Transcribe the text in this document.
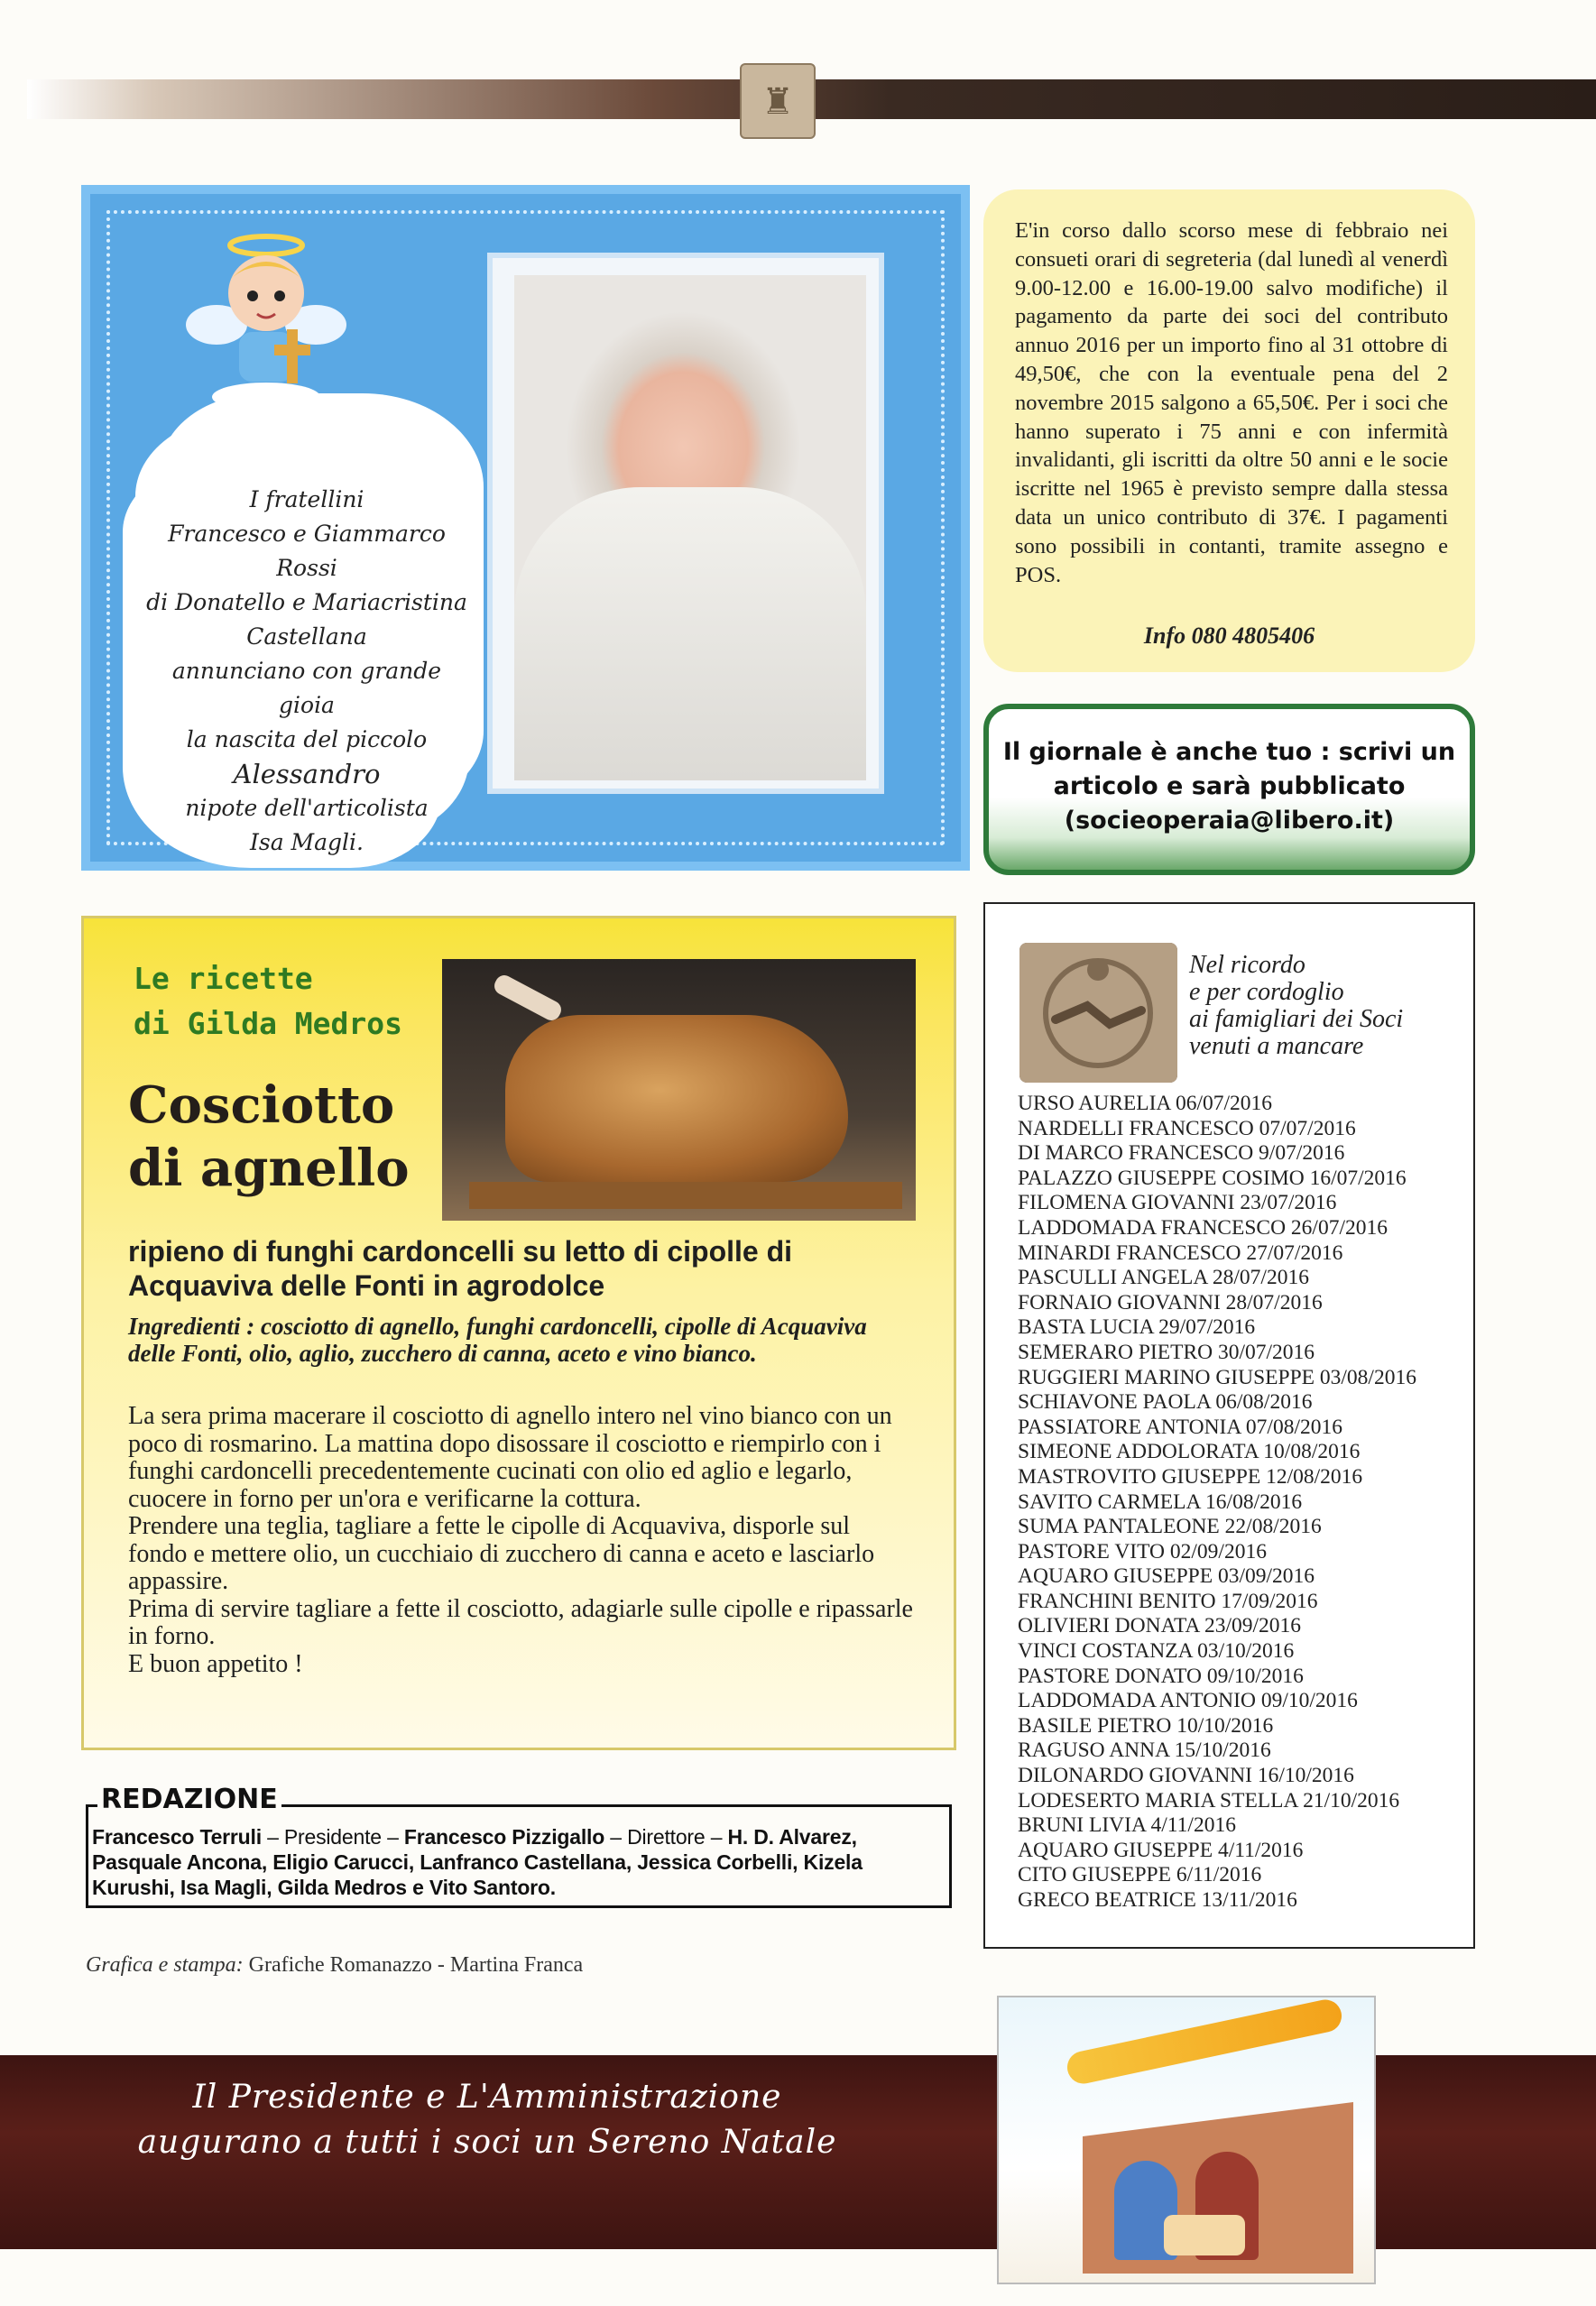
♜
I fratellini
Francesco e Giammarco Rossi
di Donatello e Mariacristina
Castellana
annunciano con grande gioia
la nascita del piccolo
Alessandro
nipote dell'articolista
Isa Magli.
E'in corso dallo scorso mese di febbraio nei consueti orari di segreteria (dal lunedì al venerdì 9.00-12.00 e 16.00-19.00 salvo modifiche) il pagamento da parte dei soci del contributo annuo 2016 per un importo fino al 31 ottobre di 49,50€, che con la eventuale pena del 2 novembre 2015 salgono a 65,50€. Per i soci che hanno superato i 75 anni e con infermità invalidanti, gli iscritti da oltre 50 anni e le socie iscritte nel 1965 è previsto sempre dalla stessa data un unico contributo di 37€. I pagamenti sono possibili in contanti, tramite assegno e POS.
Info 080 4805406
Il giornale è anche tuo : scrivi un
articolo e sarà pubblicato
(socieoperaia@libero.it)
Le ricette
di Gilda Medros
Cosciotto
di agnello
ripieno di funghi cardoncelli su letto di cipolle di Acquaviva delle Fonti in agrodolce
Ingredienti : cosciotto di agnello, funghi cardoncelli, cipolle di Acquaviva delle Fonti, olio, aglio, zucchero di canna, aceto e vino bianco.
La sera prima macerare il cosciotto di agnello intero nel vino bianco con un poco di rosmarino. La mattina dopo disossare il cosciotto e riempirlo con i funghi cardoncelli precedentemente cucinati con olio ed aglio e legarlo, cuocere in forno per un'ora e verificarne la cottura.
Prendere una teglia, tagliare a fette le cipolle di Acquaviva, disporle sul fondo e mettere olio, un cucchiaio di zucchero di canna e aceto e lasciarlo appassire.
Prima di servire tagliare a fette il cosciotto, adagiarle sulle cipolle e ripassarle in forno.
E buon appetito !
REDAZIONE
Francesco Terruli – Presidente – Francesco Pizzigallo – Direttore – H. D. Alvarez, Pasquale Ancona, Eligio Carucci, Lanfranco Castellana, Jessica Corbelli, Kizela Kurushi, Isa Magli, Gilda Medros e Vito Santoro.
Grafica e stampa: Grafiche Romanazzo - Martina Franca
Nel ricordo
e per cordoglio
ai famigliari dei Soci
venuti a mancare
URSO AURELIA 06/07/2016
NARDELLI FRANCESCO 07/07/2016
DI MARCO FRANCESCO 9/07/2016
PALAZZO GIUSEPPE COSIMO 16/07/2016
FILOMENA GIOVANNI 23/07/2016
LADDOMADA FRANCESCO 26/07/2016
MINARDI FRANCESCO 27/07/2016
PASCULLI ANGELA 28/07/2016
FORNAIO GIOVANNI 28/07/2016
BASTA LUCIA 29/07/2016
SEMERARO PIETRO 30/07/2016
RUGGIERI MARINO GIUSEPPE 03/08/2016
SCHIAVONE PAOLA 06/08/2016
PASSIATORE ANTONIA 07/08/2016
SIMEONE ADDOLORATA 10/08/2016
MASTROVITO GIUSEPPE 12/08/2016
SAVITO CARMELA 16/08/2016
SUMA PANTALEONE 22/08/2016
PASTORE VITO 02/09/2016
AQUARO GIUSEPPE 03/09/2016
FRANCHINI BENITO 17/09/2016
OLIVIERI DONATA 23/09/2016
VINCI COSTANZA 03/10/2016
PASTORE DONATO 09/10/2016
LADDOMADA ANTONIO 09/10/2016
BASILE PIETRO 10/10/2016
RAGUSO ANNA 15/10/2016
DILONARDO GIOVANNI 16/10/2016
LODESERTO MARIA STELLA 21/10/2016
BRUNI LIVIA 4/11/2016
AQUARO GIUSEPPE 4/11/2016
CITO GIUSEPPE 6/11/2016
GRECO BEATRICE 13/11/2016
Il Presidente e L'Amministrazione
augurano a tutti i soci un Sereno Natale
